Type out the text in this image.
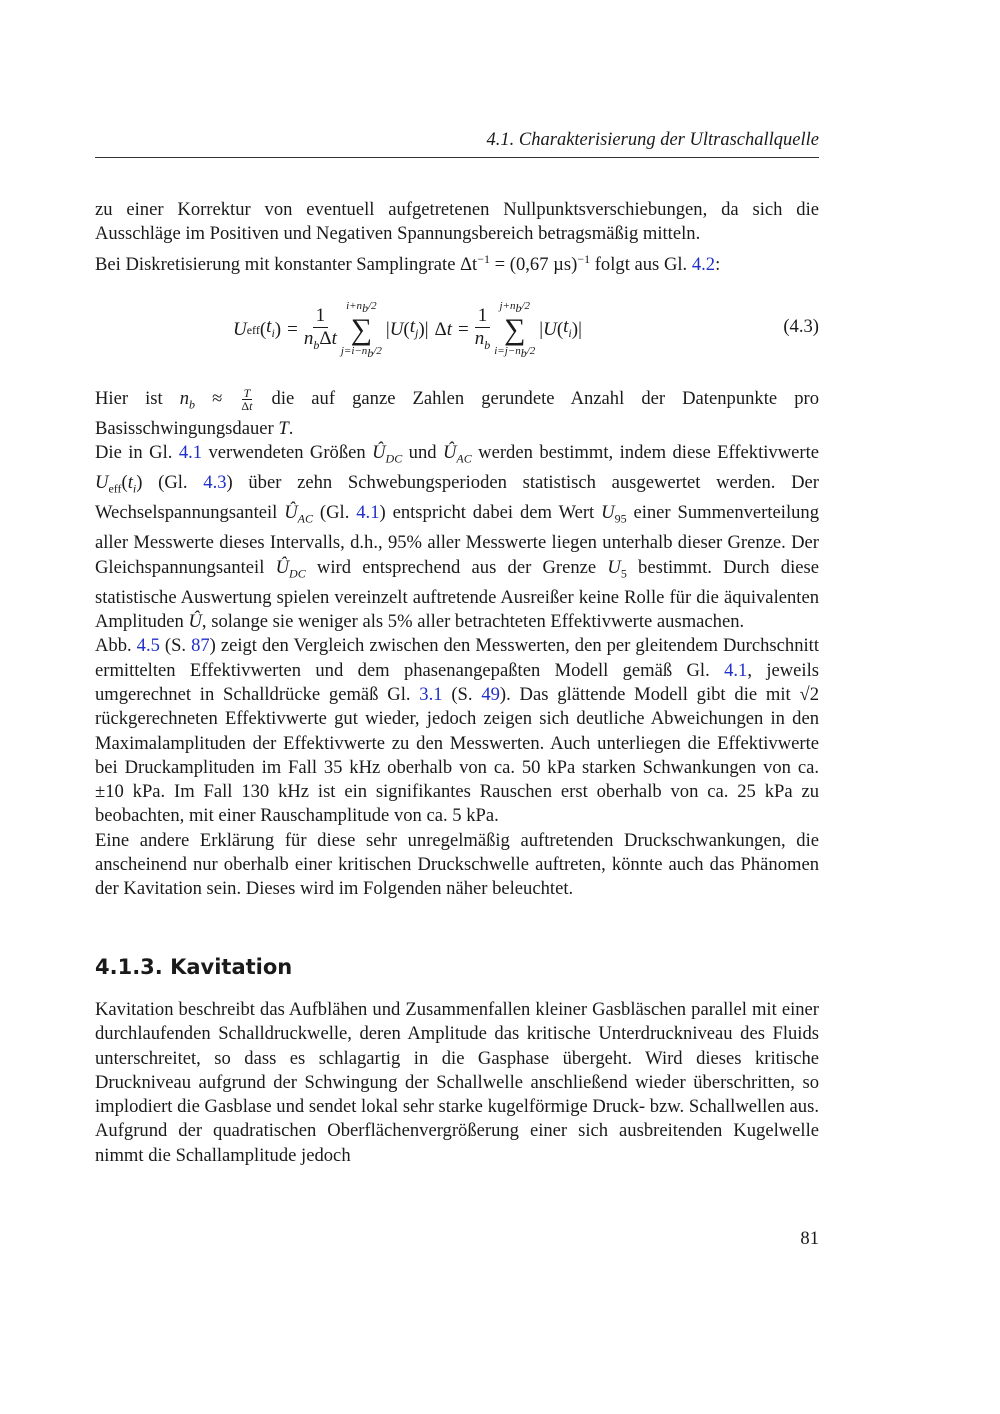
4.1. Charakterisierung der Ultraschallquelle

zu einer Korrektur von eventuell aufgetretenen Nullpunktsverschiebungen, da sich die Ausschläge im Positiven und Negativen Spannungsbereich betragsmäßig mitteln.

Bei Diskretisierung mit konstanter Samplingrate $\Delta t^{-1} = (0,67$ µs)$^{-1}$ folgt aus Gl. 4.2:

U eff ( $t_i$ ) = $\frac{1}{n_b\Delta t} i+n_b/2$
∑
$j=i-n_b/2$
| U ( $t_j$ )| Δ $t = \frac{1}{n_b} j+n_b/2$
∑
$i=j-n_b/2$
| U ( $t_i$ )|	(4.3)

Hier ist $n_b \approx \frac{T}{\Delta t}$ die auf ganze Zahlen gerundete Anzahl der Datenpunkte pro Basisschwingungsdauer T.

Die in Gl. 4.1 verwendeten Größen $Û_{DC}$ und $Û_{AC}$ werden bestimmt, indem diese Effektivwerte $U_{eff}(t_i)$ (Gl. 4.3) über zehn Schwebungsperioden statistisch ausgewertet werden. Der Wechselspannungsanteil $Û_{AC}$ (Gl. 4.1) entspricht dabei dem Wert $U_{95}$ einer Summenverteilung aller Messwerte dieses Intervalls, d.h., 95% aller Messwerte liegen unterhalb dieser Grenze. Der Gleichspannungsanteil $Û_{DC}$ wird entsprechend aus der Grenze $U_5$ bestimmt. Durch diese statistische Auswertung spielen vereinzelt auftretende Ausreißer keine Rolle für die äquivalenten Amplituden Û, solange sie weniger als 5% aller betrachteten Effektivwerte ausmachen.

Abb. 4.5 (S. 87) zeigt den Vergleich zwischen den Messwerten, den per gleitendem Durchschnitt ermittelten Effektivwerten und dem phasenangepaßten Modell gemäß Gl. 4.1, jeweils umgerechnet in Schalldrücke gemäß Gl. 3.1 (S. 49). Das glättende Modell gibt die mit √2 rückgerechneten Effektivwerte gut wieder, jedoch zeigen sich deutliche Abweichungen in den Maximalamplituden der Effektivwerte zu den Messwerten. Auch unterliegen die Effektivwerte bei Druckamplituden im Fall 35 kHz oberhalb von ca. 50 kPa starken Schwankungen von ca. ±10 kPa. Im Fall 130 kHz ist ein signifikantes Rauschen erst oberhalb von ca. 25 kPa zu beobachten, mit einer Rauschamplitude von ca. 5 kPa.

Eine andere Erklärung für diese sehr unregelmäßig auftretenden Druckschwankungen, die anscheinend nur oberhalb einer kritischen Druckschwelle auftreten, könnte auch das Phänomen der Kavitation sein. Dieses wird im Folgenden näher beleuchtet.

4.1.3. Kavitation

Kavitation beschreibt das Aufblähen und Zusammenfallen kleiner Gasbläschen parallel mit einer durchlaufenden Schalldruckwelle, deren Amplitude das kritische Unterdruckniveau des Fluids unterschreitet, so dass es schlagartig in die Gasphase übergeht. Wird dieses kritische Druckniveau aufgrund der Schwingung der Schallwelle anschließend wieder überschritten, so implodiert die Gasblase und sendet lokal sehr starke kugelförmige Druck- bzw. Schallwellen aus. Aufgrund der quadratischen Oberflächenvergrößerung einer sich ausbreitenden Kugelwelle nimmt die Schallamplitude jedoch

81
